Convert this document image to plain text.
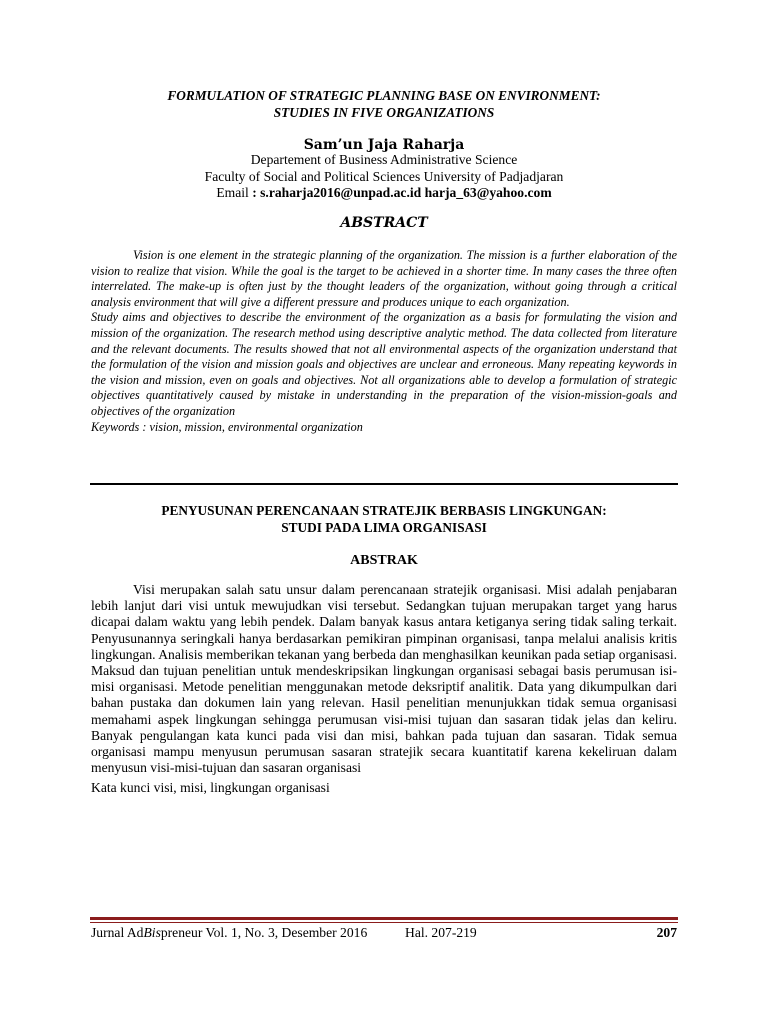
FORMULATION OF STRATEGIC PLANNING BASE ON ENVIRONMENT:
STUDIES IN FIVE ORGANIZATIONS
Sam’un Jaja Raharja
Departement of Business Administrative Science
Faculty of Social and Political Sciences University of Padjadjaran
Email : s.raharja2016@unpad.ac.id harja_63@yahoo.com
ABSTRACT

Vision is one element in the strategic planning of the organization. The mission is a further elaboration of the vision to realize that vision. While the goal is the target to be achieved in a shorter time. In many cases the three often interrelated. The make-up is often just by the thought leaders of the organization, without going through a critical analysis environment that will give a different pressure and produces unique to each organization.

Study aims and objectives to describe the environment of the organization as a basis for formulating the vision and mission of the organization. The research method using descriptive analytic method. The data collected from literature and the relevant documents. The results showed that not all environmental aspects of the organization understand that the formulation of the vision and mission goals and objectives are unclear and erroneous. Many repeating keywords in the vision and mission, even on goals and objectives. Not all organizations able to develop a formulation of strategic objectives quantitatively caused by mistake in understanding in the preparation of the vision-mission-goals and objectives of the organization

Keywords : vision, mission, environmental organization

PENYUSUNAN PERENCANAAN STRATEJIK BERBASIS LINGKUNGAN:
STUDI PADA LIMA ORGANISASI
ABSTRAK

Visi merupakan salah satu unsur dalam perencanaan stratejik organisasi. Misi adalah penjabaran lebih lanjut dari visi untuk mewujudkan visi tersebut. Sedangkan tujuan merupakan target yang harus dicapai dalam waktu yang lebih pendek. Dalam banyak kasus antara ketiganya sering tidak saling terkait. Penyusunannya seringkali hanya berdasarkan pemikiran pimpinan organisasi, tanpa melalui analisis kritis lingkungan. Analisis memberikan tekanan yang berbeda dan menghasilkan keunikan pada setiap organisasi. Maksud dan tujuan penelitian untuk mendeskripsikan lingkungan organisasi sebagai basis perumusan isi-misi organisasi. Metode penelitian menggunakan metode deksriptif analitik. Data yang dikumpulkan dari bahan pustaka dan dokumen lain yang relevan. Hasil penelitian menunjukkan tidak semua organisasi memahami aspek lingkungan sehingga perumusan visi-misi tujuan dan sasaran tidak jelas dan keliru. Banyak pengulangan kata kunci pada visi dan misi, bahkan pada tujuan dan sasaran. Tidak semua organisasi mampu menyusun perumusan sasaran stratejik secara kuantitatif karena kekeliruan dalam menyusun visi-misi-tujuan dan sasaran organisasi

Kata kunci visi, misi, lingkungan organisasi
Jurnal AdBispreneur Vol. 1, No. 3, Desember 2016	Hal. 207-219	207
